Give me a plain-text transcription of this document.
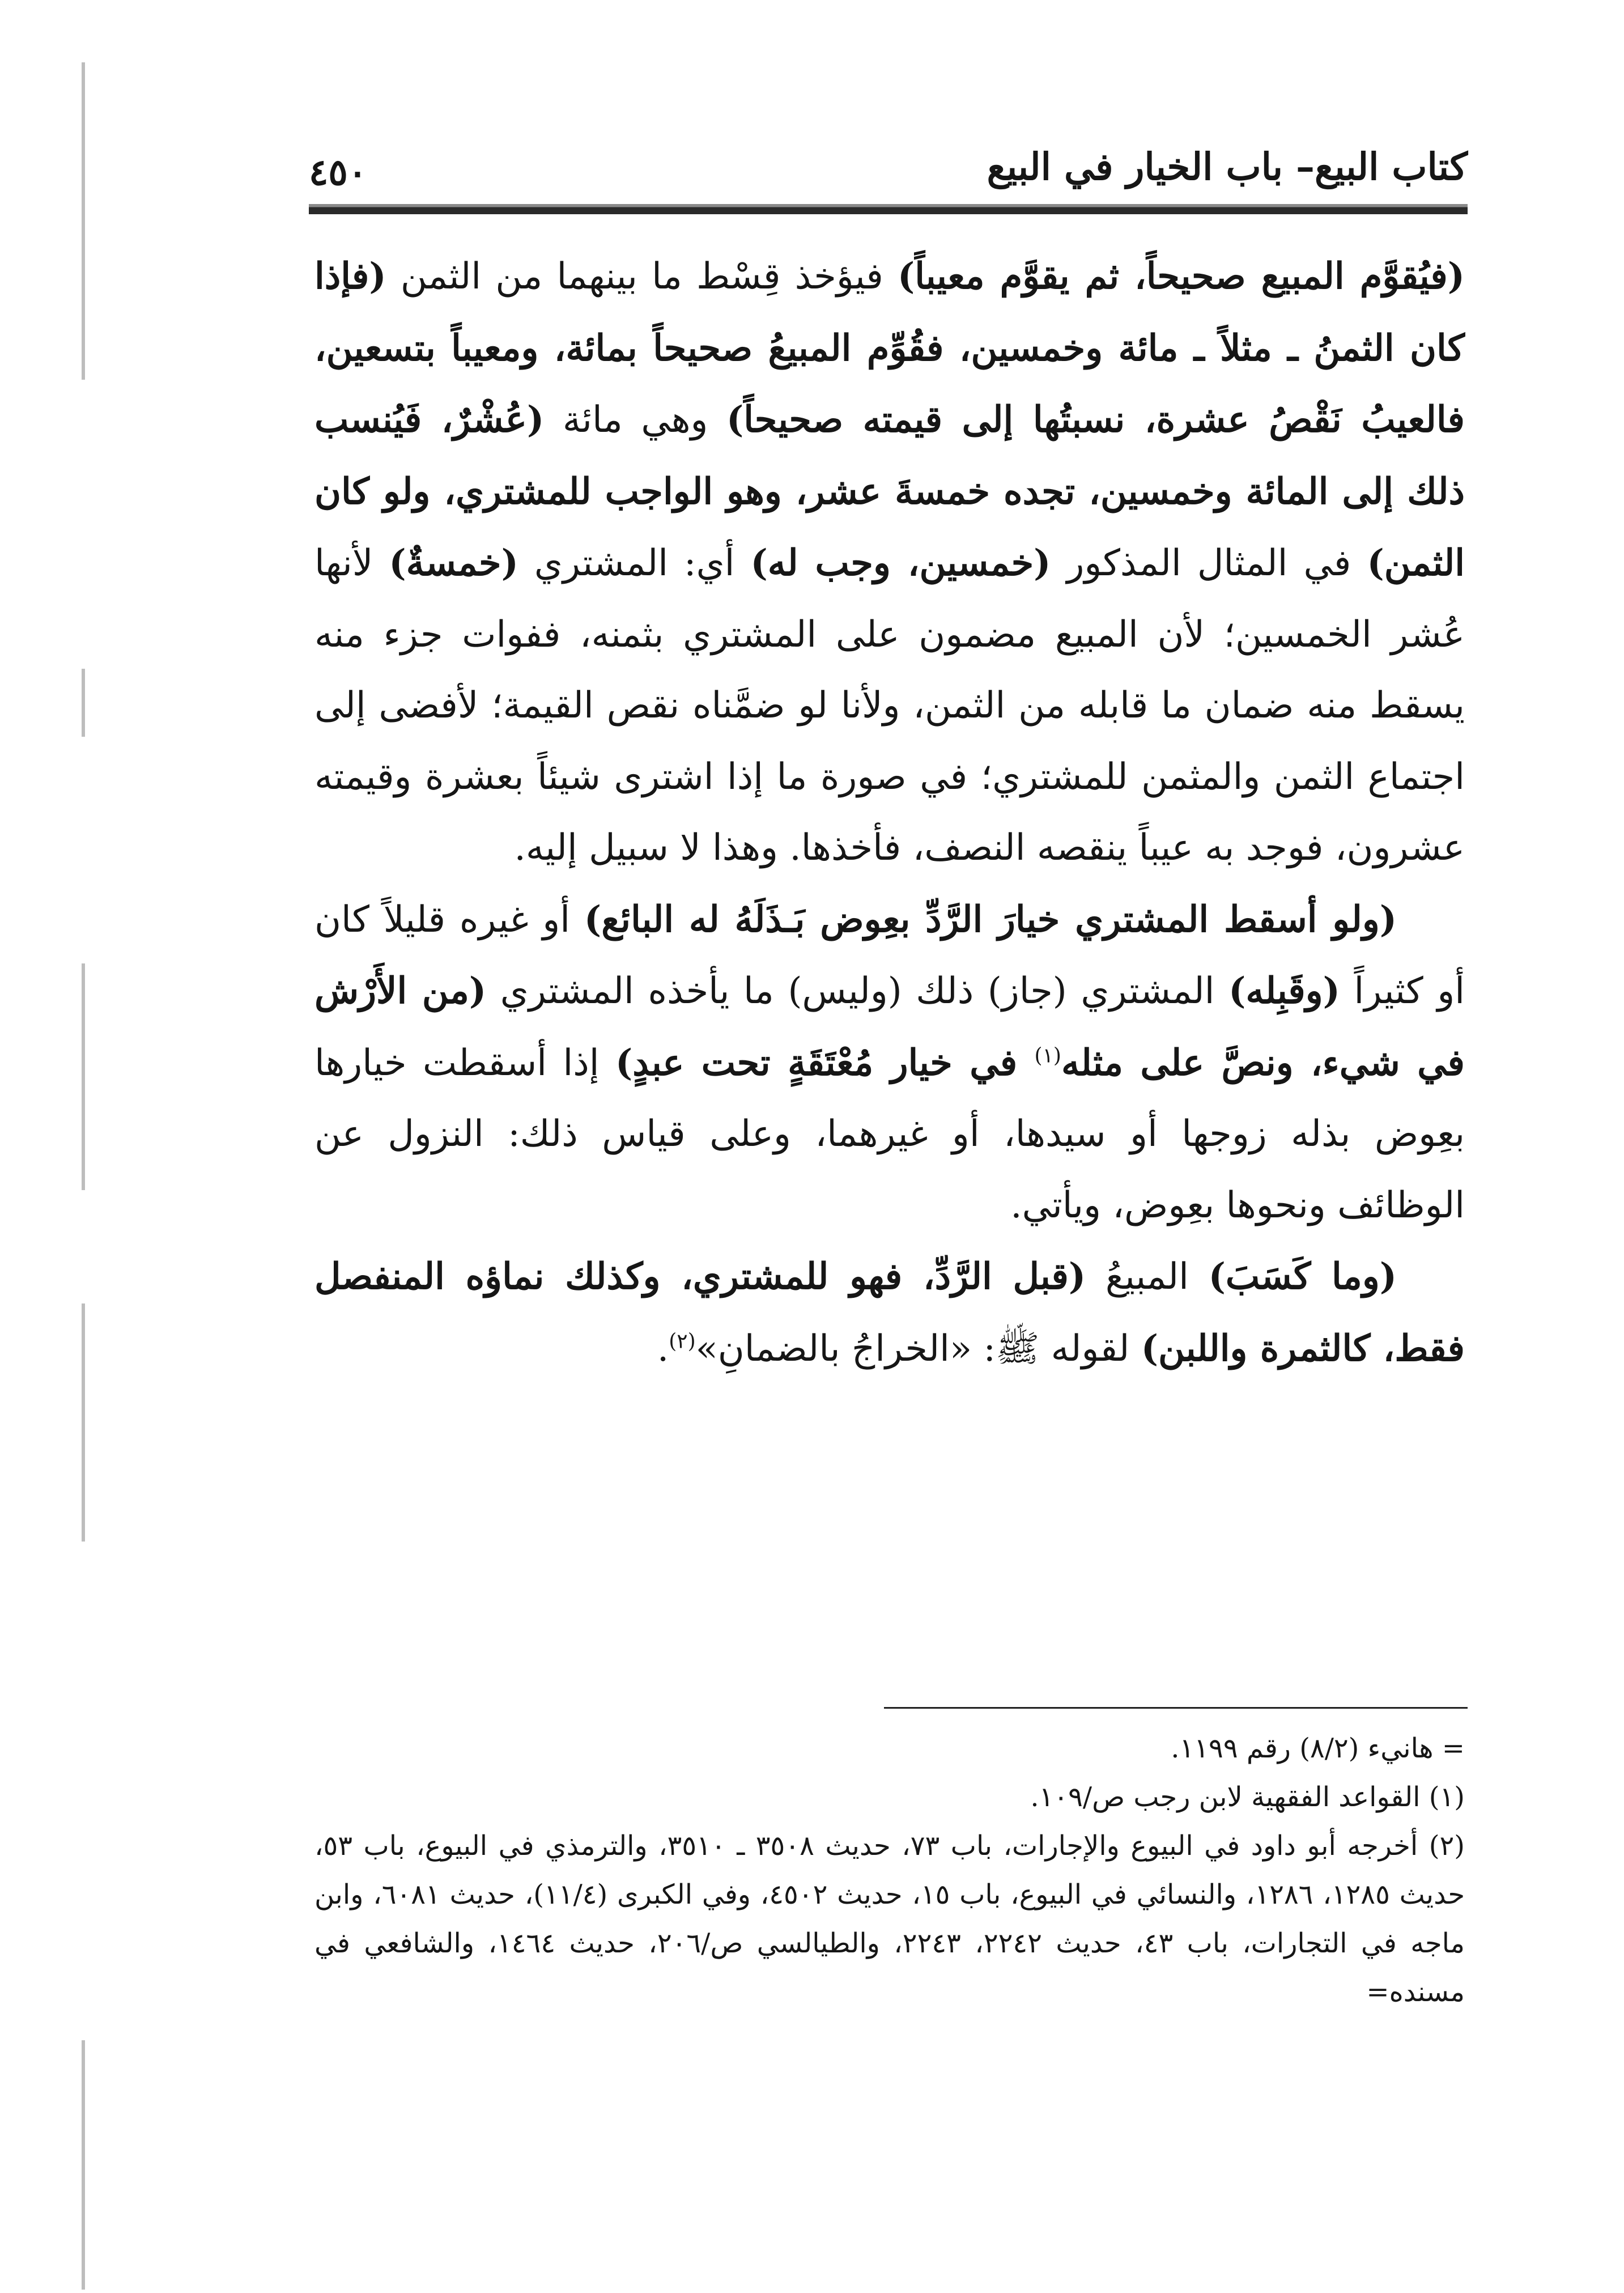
٤٥٠	كتاب البيع– باب الخيار في البيع

(فيُقوَّم المبيع صحيحاً، ثم يقوَّم معيباً) فيؤخذ قِسْط ما بينهما من الثمن (فإذا كان الثمنُ ـ مثلاً ـ مائة وخمسين، فقُوِّم المبيعُ صحيحاً بمائة، ومعيباً بتسعين، فالعيبُ نَقْصُ عشرة، نسبتُها إلى قيمته صحيحاً) وهي مائة (عُشْرٌ، فَيُنسب ذلك إلى المائة وخمسين، تجده خمسةَ عشر، وهو الواجب للمشتري، ولو كان الثمن) في المثال المذكور (خمسين، وجب له) أي: المشتري (خمسةٌ) لأنها عُشر الخمسين؛ لأن المبيع مضمون على المشتري بثمنه، ففوات جزء منه يسقط منه ضمان ما قابله من الثمن، ولأنا لو ضمَّناه نقص القيمة؛ لأفضى إلى اجتماع الثمن والمثمن للمشتري؛ في صورة ما إذا اشترى شيئاً بعشرة وقيمته عشرون، فوجد به عيباً ينقصه النصف، فأخذها. وهذا لا سبيل إليه.

(ولو أسقط المشتري خيارَ الرَّدِّ بعِوض بَـذَلَهُ له البائع) أو غيره قليلاً كان أو كثيراً (وقَبِله) المشتري (جاز) ذلك (وليس) ما يأخذه المشتري (من الأَرْش في شيء، ونصَّ على مثله$^{(١)}$ في خيار مُعْتَقَةٍ تحت عبدٍ) إذا أسقطت خيارها بعِوض بذله زوجها أو سيدها، أو غيرهما، وعلى قياس ذلك: النزول عن الوظائف ونحوها بعِوض، ويأتي.

(وما كَسَبَ) المبيعُ (قبل الرَّدِّ، فهو للمشتري، وكذلك نماؤه المنفصل فقط، كالثمرة واللبن) لقوله ﷺ: «الخراجُ بالضمانِ»$^{(٢)}$.

= هانيء (٨/٢) رقم ١١٩٩.

(١) القواعد الفقهية لابن رجب ص/١٠٩.

(٢) أخرجه أبو داود في البيوع والإجارات، باب ٧٣، حديث ٣٥٠٨ ـ ٣٥١٠، والترمذي في البيوع، باب ٥٣، حديث ١٢٨٥، ١٢٨٦، والنسائي في البيوع، باب ١٥، حديث ٤٥٠٢، وفي الكبرى (١١/٤)، حديث ٦٠٨١، وابن ماجه في التجارات، باب ٤٣، حديث ٢٢٤٢، ٢٢٤٣، والطيالسي ص/٢٠٦، حديث ١٤٦٤، والشافعي في مسنده=
